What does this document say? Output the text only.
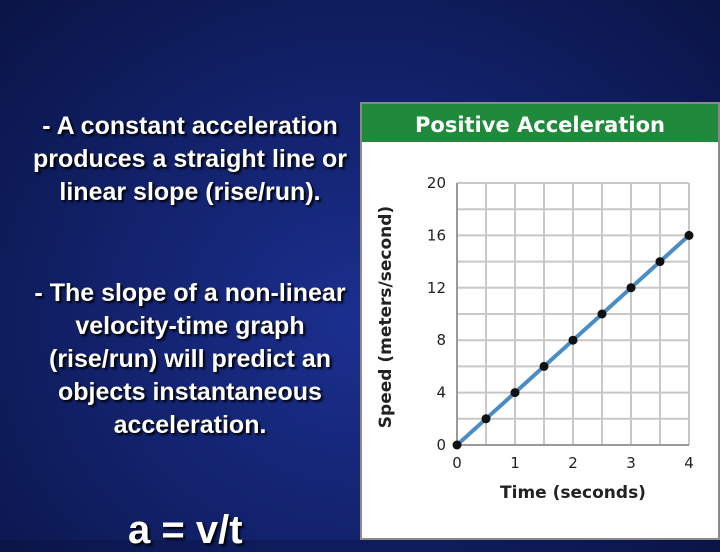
- A constant acceleration produces a straight line or linear slope (rise/run).
- The slope of a non-linear velocity-time graph (rise/run) will predict an objects instantaneous acceleration.
a = v/t
Positive Acceleration
0	1	2	3	4
0
4
8
12
16
20
Time (seconds)
Speed (meters/second)
